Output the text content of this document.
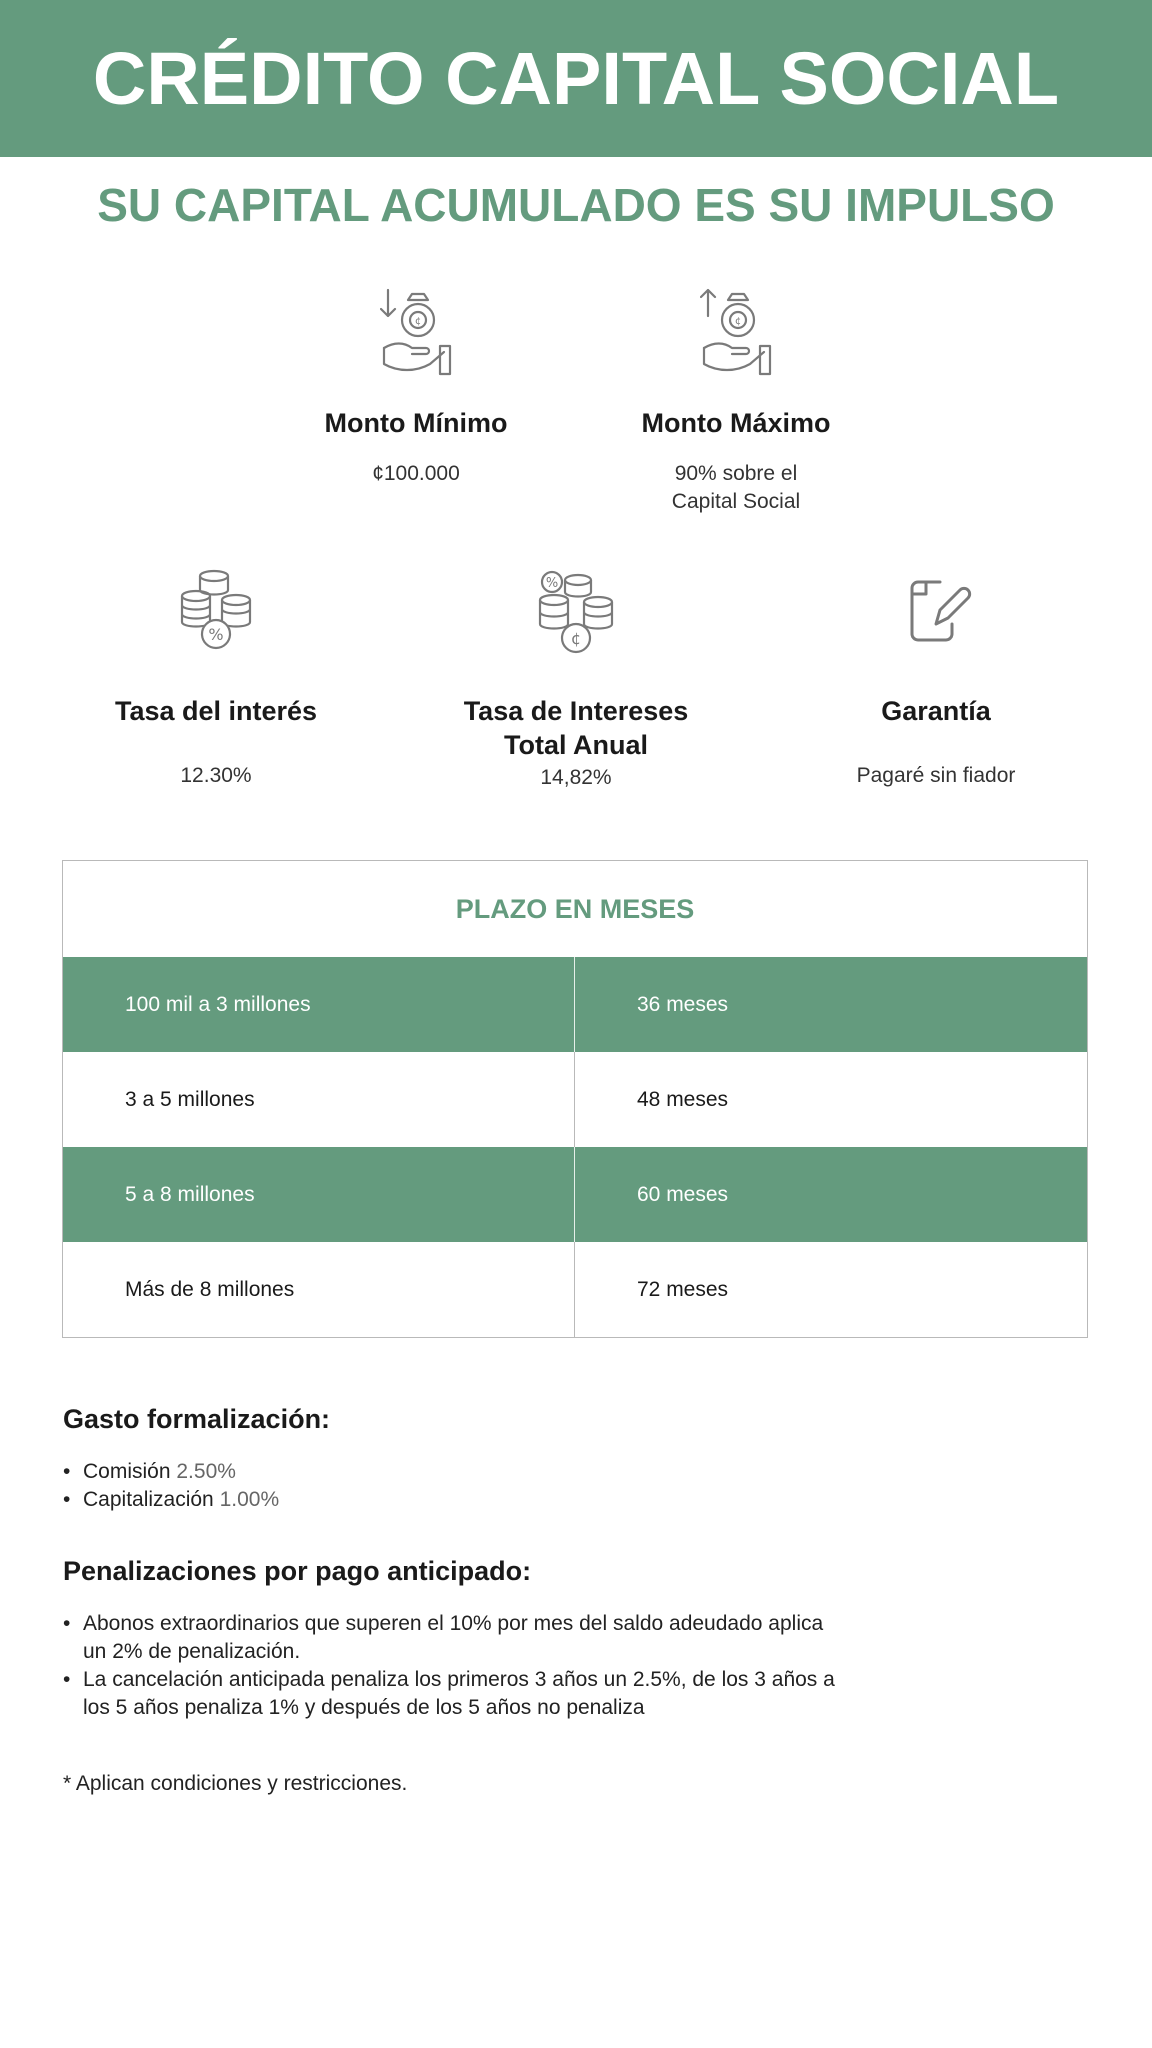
CRÉDITO CAPITAL SOCIAL
SU CAPITAL ACUMULADO ES SU IMPULSO
¢
Monto Mínimo
¢100.000
¢
Monto Máximo
90% sobre el
Capital Social
%
Tasa del interés
12.30%
%
¢
Tasa de Intereses
Total Anual
14,82%
Garantía
Pagaré sin fiador
PLAZO EN MESES
100 mil a 3 millones	36 meses
3 a 5 millones	48 meses
5 a 8 millones	60 meses
Más de 8 millones	72 meses
Gasto formalización:
• Comisión 2.50%
• Capitalización 1.00%
Penalizaciones por pago anticipado:
• Abonos extraordinarios que superen el 10% por mes del saldo adeudado aplica
un 2% de penalización.
• La cancelación anticipada penaliza los primeros 3 años un 2.5%, de los 3 años a
los 5 años penaliza 1% y después de los 5 años no penaliza
* Aplican condiciones y restricciones.
